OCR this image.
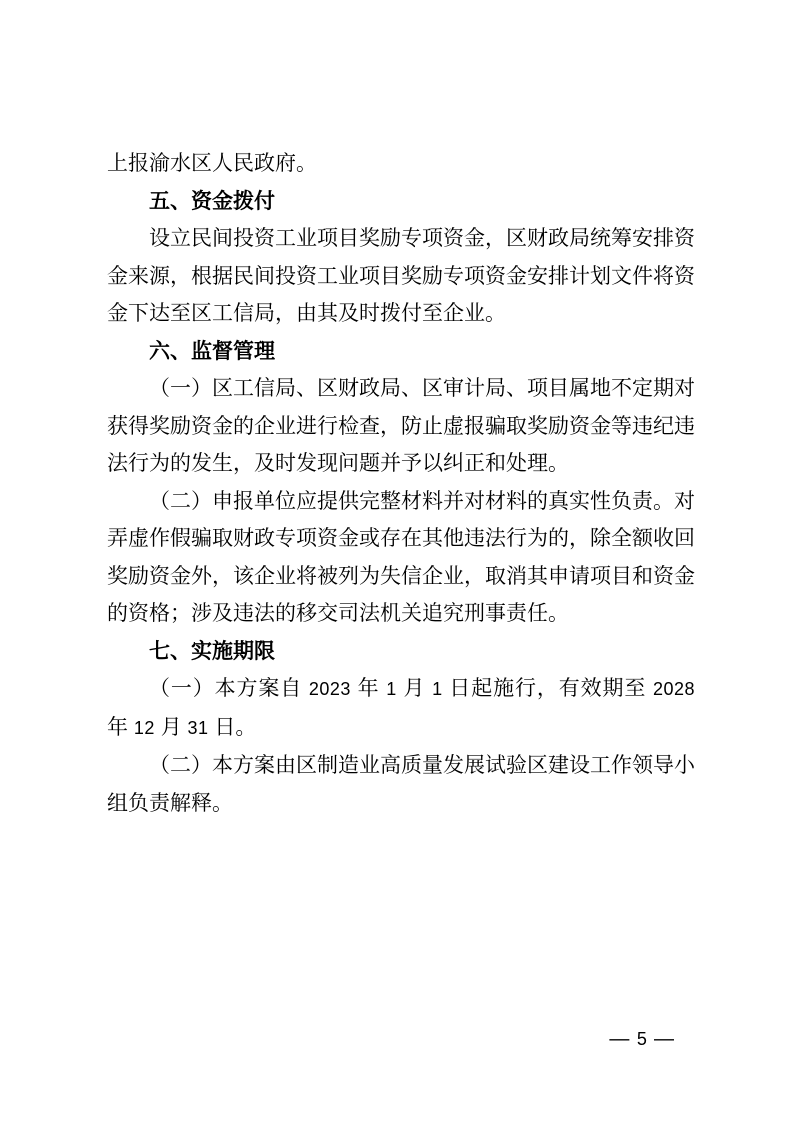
上报渝水区人民政府。

五、资金拨付

设立民间投资工业项目奖励专项资金，区财政局统筹安排资金来源，根据民间投资工业项目奖励专项资金安排计划文件将资金下达至区工信局，由其及时拨付至企业。

六、监督管理

（一）区工信局、区财政局、区审计局、项目属地不定期对获得奖励资金的企业进行检查，防止虚报骗取奖励资金等违纪违法行为的发生，及时发现问题并予以纠正和处理。

（二）申报单位应提供完整材料并对材料的真实性负责。对弄虚作假骗取财政专项资金或存在其他违法行为的，除全额收回奖励资金外，该企业将被列为失信企业，取消其申请项目和资金的资格；涉及违法的移交司法机关追究刑事责任。

七、实施期限

（一）本方案自 2023 年 1 月 1 日起施行，有效期至 2028 年 12 月 31 日。

（二）本方案由区制造业高质量发展试验区建设工作领导小组负责解释。

— 5 —
